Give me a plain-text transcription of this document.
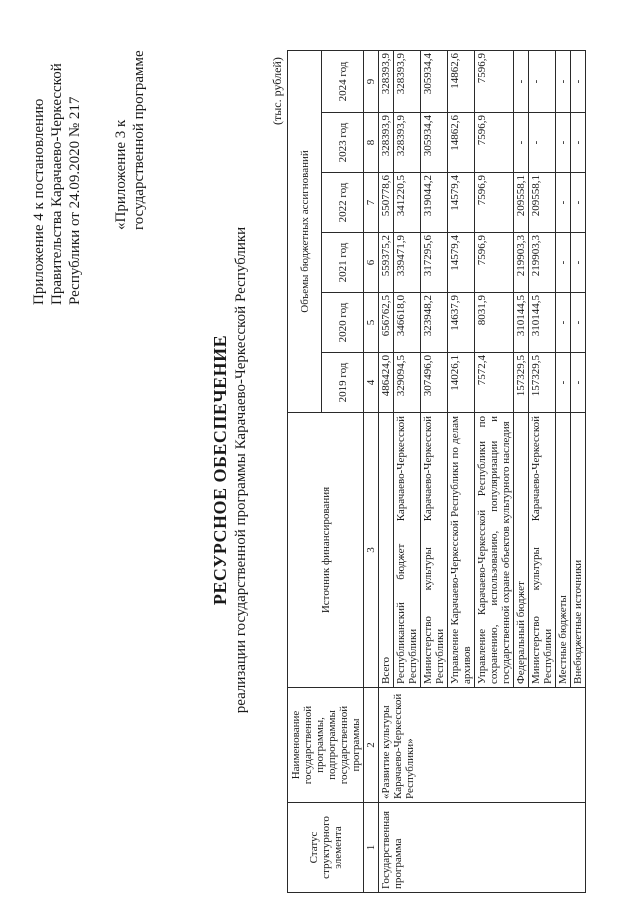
Приложение 4 к постановлению Правительства Карачаево-Черкесской Республики от 24.09.2020 № 217 «Приложение 3 к государственной программе
РЕСУРСНОЕ ОБЕСПЕЧЕНИЕ реализации государственной программы Карачаево-Черкесской Республики
(тыс. рублей)
Статус структурного элемента	Наименование государственной программы, подпрограммы государственной программы	Источник финансирования	Объемы бюджетных ассигнований					
			2019 год	2020 год	2021 год	2022 год	2023 год	2024 год
1	2	3	4	5	6	7	8	9
Государственная программа	«Развитие культуры Карачаево-Черкесской Республики»	Всего	486424,0	656762,5	559375,2	550778,6	328393,9	328393,9
		Республиканский бюджет Карачаево-Черкесской Республики	329094,5	346618,0	339471,9	341220,5	328393,9	328393,9
		Министерство культуры Карачаево-Черкесской Республики	307496,0	323948,2	317295,6	319044,2	305934,4	305934,4
		Управление Карачаево-Черкесской Республики по делам архивов	14026,1	14637,9	14579,4	14579,4	14862,6	14862,6
		Управление Карачаево-Черкесской Республики по сохранению, использованию, популяризации и государственной охране объектов культурного наследия	7572,4	8031,9	7596,9	7596,9	7596,9	7596,9
		Федеральный бюджет	157329,5	310144,5	219903,3	209558,1	-	-
		Министерство культуры Карачаево-Черкесской Республики	157329,5	310144,5	219903,3	209558,1	-	-
		Местные бюджеты	-	-	-	-	-	-
		Внебюджетные источники	-	-	-	-	-	-
